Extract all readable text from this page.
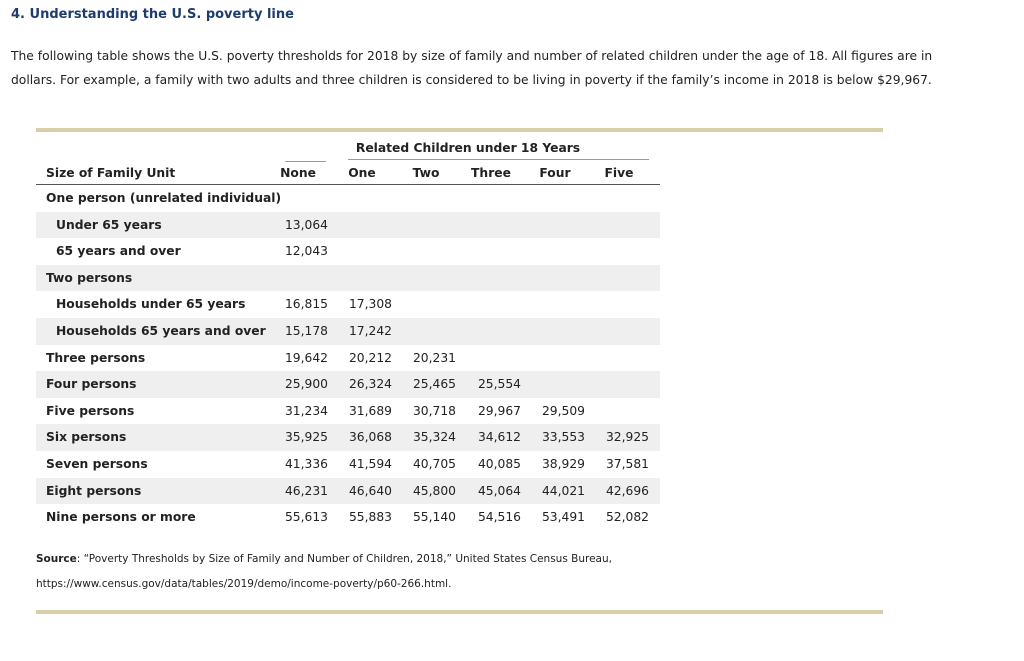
4. Understanding the U.S. poverty line
The following table shows the U.S. poverty thresholds for 2018 by size of family and number of related children under the age of 18. All figures are in dollars. For example, a family with two adults and three children is considered to be living in poverty if the family’s income in 2018 is below $29,967.
Related Children under 18 Years
Size of Family Unit	None	One	Two	Three	Four	Five
One person (unrelated individual)
Under 65 years	13,064
65 years and over	12,043
Two persons
Households under 65 years	16,815	17,308
Households 65 years and over	15,178	17,242
Three persons	19,642	20,212	20,231
Four persons	25,900	26,324	25,465	25,554
Five persons	31,234	31,689	30,718	29,967	29,509
Six persons	35,925	36,068	35,324	34,612	33,553	32,925
Seven persons	41,336	41,594	40,705	40,085	38,929	37,581
Eight persons	46,231	46,640	45,800	45,064	44,021	42,696
Nine persons or more	55,613	55,883	55,140	54,516	53,491	52,082
Source: “Poverty Thresholds by Size of Family and Number of Children, 2018,” United States Census Bureau,
https://www.census.gov/data/tables/2019/demo/income-poverty/p60-266.html.
